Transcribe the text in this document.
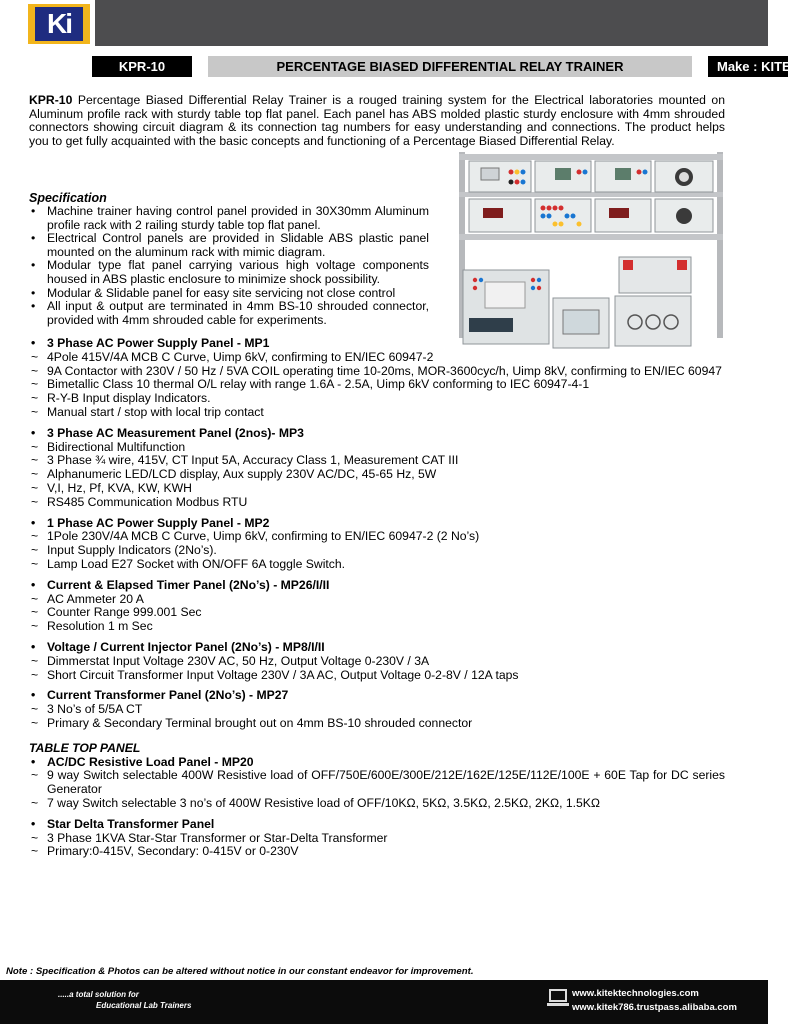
Ki
KPR-10	PERCENTAGE BIASED DIFFERENTIAL RELAY TRAINER	Make : KITEK

KPR-10 Percentage Biased Differential Relay Trainer is a rouged training system for the Electrical laboratories mounted on Aluminum profile rack with sturdy table top flat panel. Each panel has ABS molded plastic sturdy enclosure with 4mm shrouded connectors showing circuit diagram & its connection tag numbers for easy understanding and connections. The product helps you to get fully acquainted with the basic concepts and functioning of a Percentage Biased Differential Relay.

Specification
• Machine trainer having control panel provided in 30X30mm Aluminum profile rack with 2 railing sturdy table top flat panel.
• Electrical Control panels are provided in Slidable ABS plastic panel mounted on the aluminum rack with mimic diagram.
• Modular type flat panel carrying various high voltage components housed in ABS plastic enclosure to minimize shock possibility.
• Modular & Slidable panel for easy site servicing not close control
• All input & output are terminated in 4mm BS-10 shrouded connector, provided with 4mm shrouded cable for experiments.
• 3 Phase AC Power Supply Panel - MP1
~ 4Pole 415V/4A MCB C Curve, Uimp 6kV, confirming to EN/IEC 60947-2
~ 9A Contactor with 230V / 50 Hz / 5VA COIL operating time 10-20ms, MOR-3600cyc/h, Uimp 8kV, confirming to EN/IEC 60947
~ Bimetallic Class 10 thermal O/L relay with range 1.6A - 2.5A, Uimp 6kV conforming to IEC 60947-4-1
~ R-Y-B Input display Indicators.
~ Manual start / stop with local trip contact
• 3 Phase AC Measurement Panel (2nos)- MP3
~ Bidirectional Multifunction
~ 3 Phase ¾ wire, 415V, CT Input 5A, Accuracy Class 1, Measurement CAT III
~ Alphanumeric LED/LCD display, Aux supply 230V AC/DC, 45-65 Hz, 5W
~ V,I, Hz, Pf, KVA, KW, KWH
~ RS485 Communication Modbus RTU
• 1 Phase AC Power Supply Panel - MP2
~ 1Pole 230V/4A MCB C Curve, Uimp 6kV, confirming to EN/IEC 60947-2 (2 No’s)
~ Input Supply Indicators (2No’s).
~ Lamp Load E27 Socket with ON/OFF 6A toggle Switch.
• Current & Elapsed Timer Panel (2No’s) - MP26/I/II
~ AC Ammeter 20 A
~ Counter Range 999.001 Sec
~ Resolution 1 m Sec
• Voltage / Current Injector Panel (2No’s) - MP8/I/II
~ Dimmerstat Input Voltage 230V AC, 50 Hz, Output Voltage 0-230V / 3A
~ Short Circuit Transformer Input Voltage 230V / 3A AC, Output Voltage 0-2-8V / 12A taps
• Current Transformer Panel (2No’s) - MP27
~ 3 No’s of 5/5A CT
~ Primary & Secondary Terminal brought out on 4mm BS-10 shrouded connector
TABLE TOP PANEL
• AC/DC Resistive Load Panel - MP20
~ 9 way Switch selectable 400W Resistive load of OFF/750E/600E/300E/212E/162E/125E/112E/100E + 60E Tap for DC series Generator
~ 7 way Switch selectable 3 no’s of 400W Resistive load of OFF/10KΩ, 5KΩ, 3.5KΩ, 2.5KΩ, 2KΩ, 1.5KΩ
• Star Delta Transformer Panel
~ 3 Phase 1KVA Star-Star Transformer or Star-Delta Transformer
~ Primary:0-415V, Secondary: 0-415V or 0-230V
Note : Specification & Photos can be altered without notice in our constant endeavor for improvement.
.....a total solution for
Educational Lab Trainers
www.kitektechnologies.com
www.kitek786.trustpass.alibaba.com
